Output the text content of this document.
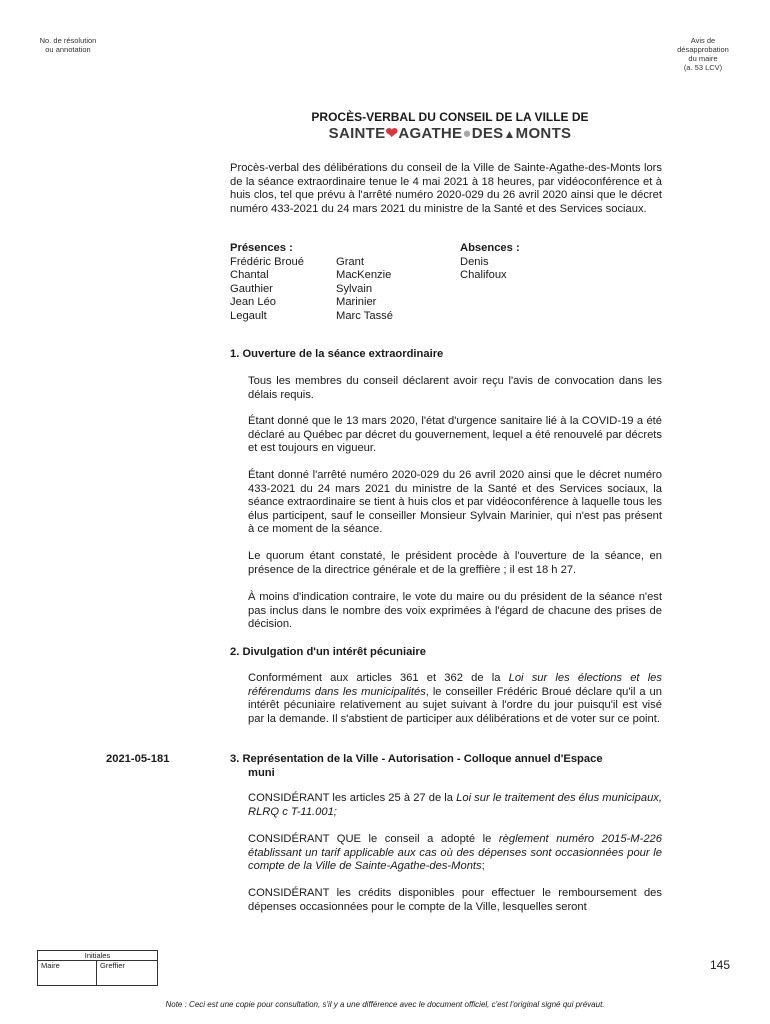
No. de résolution
ou annotation
Avis de
désapprobation
du maire
(a. 53 LCV)
PROCÈS-VERBAL DU CONSEIL DE LA VILLE DE
SAINTE❤AGATHE●DES▲MONTS
Procès-verbal des délibérations du conseil de la Ville de Sainte-Agathe-des-Monts lors de la séance extraordinaire tenue le 4 mai 2021 à 18 heures, par vidéoconférence et à huis clos, tel que prévu à l'arrêté numéro 2020-029 du 26 avril 2020 ainsi que le décret numéro 433-2021 du 24 mars 2021 du ministre de la Santé et des Services sociaux.
Présences :
Frédéric Broué
Chantal
Gauthier
Jean Léo
Legault
Grant
MacKenzie
Sylvain
Marinier
Marc Tassé
Absences :
Denis
Chalifoux
1. Ouverture de la séance extraordinaire
Tous les membres du conseil déclarent avoir reçu l'avis de convocation dans les délais requis.
Étant donné que le 13 mars 2020, l'état d'urgence sanitaire lié à la COVID-19 a été déclaré au Québec par décret du gouvernement, lequel a été renouvelé par décrets et est toujours en vigueur.
Étant donné l'arrêté numéro 2020-029 du 26 avril 2020 ainsi que le décret numéro 433-2021 du 24 mars 2021 du ministre de la Santé et des Services sociaux, la séance extraordinaire se tient à huis clos et par vidéoconférence à laquelle tous les élus participent, sauf le conseiller Monsieur Sylvain Marinier, qui n'est pas présent à ce moment de la séance.
Le quorum étant constaté, le président procède à l'ouverture de la séance, en présence de la directrice générale et de la greffière ; il est 18 h 27.
À moins d'indication contraire, le vote du maire ou du président de la séance n'est pas inclus dans le nombre des voix exprimées à l'égard de chacune des prises de décision.
2. Divulgation d'un intérêt pécuniaire
Conformément aux articles 361 et 362 de la Loi sur les élections et les référendums dans les municipalités, le conseiller Frédéric Broué déclare qu'il a un intérêt pécuniaire relativement au sujet suivant à l'ordre du jour puisqu'il est visé par la demande. Il s'abstient de participer aux délibérations et de voter sur ce point.
2021-05-181	3. Représentation de la Ville - Autorisation - Colloque annuel d'Espace
muni
CONSIDÉRANT les articles 25 à 27 de la Loi sur le traitement des élus municipaux, RLRQ c T-11.001;
CONSIDÉRANT QUE le conseil a adopté le règlement numéro 2015-M-226 établissant un tarif applicable aux cas où des dépenses sont occasionnées pour le compte de la Ville de Sainte-Agathe-des-Monts;
CONSIDÉRANT les crédits disponibles pour effectuer le remboursement des dépenses occasionnées pour le compte de la Ville, lesquelles seront
Initiales
Maire	Greffier	145
Note : Ceci est une copie pour consultation, s'il y a une différence avec le document officiel, c'est l'original signé qui prévaut.
